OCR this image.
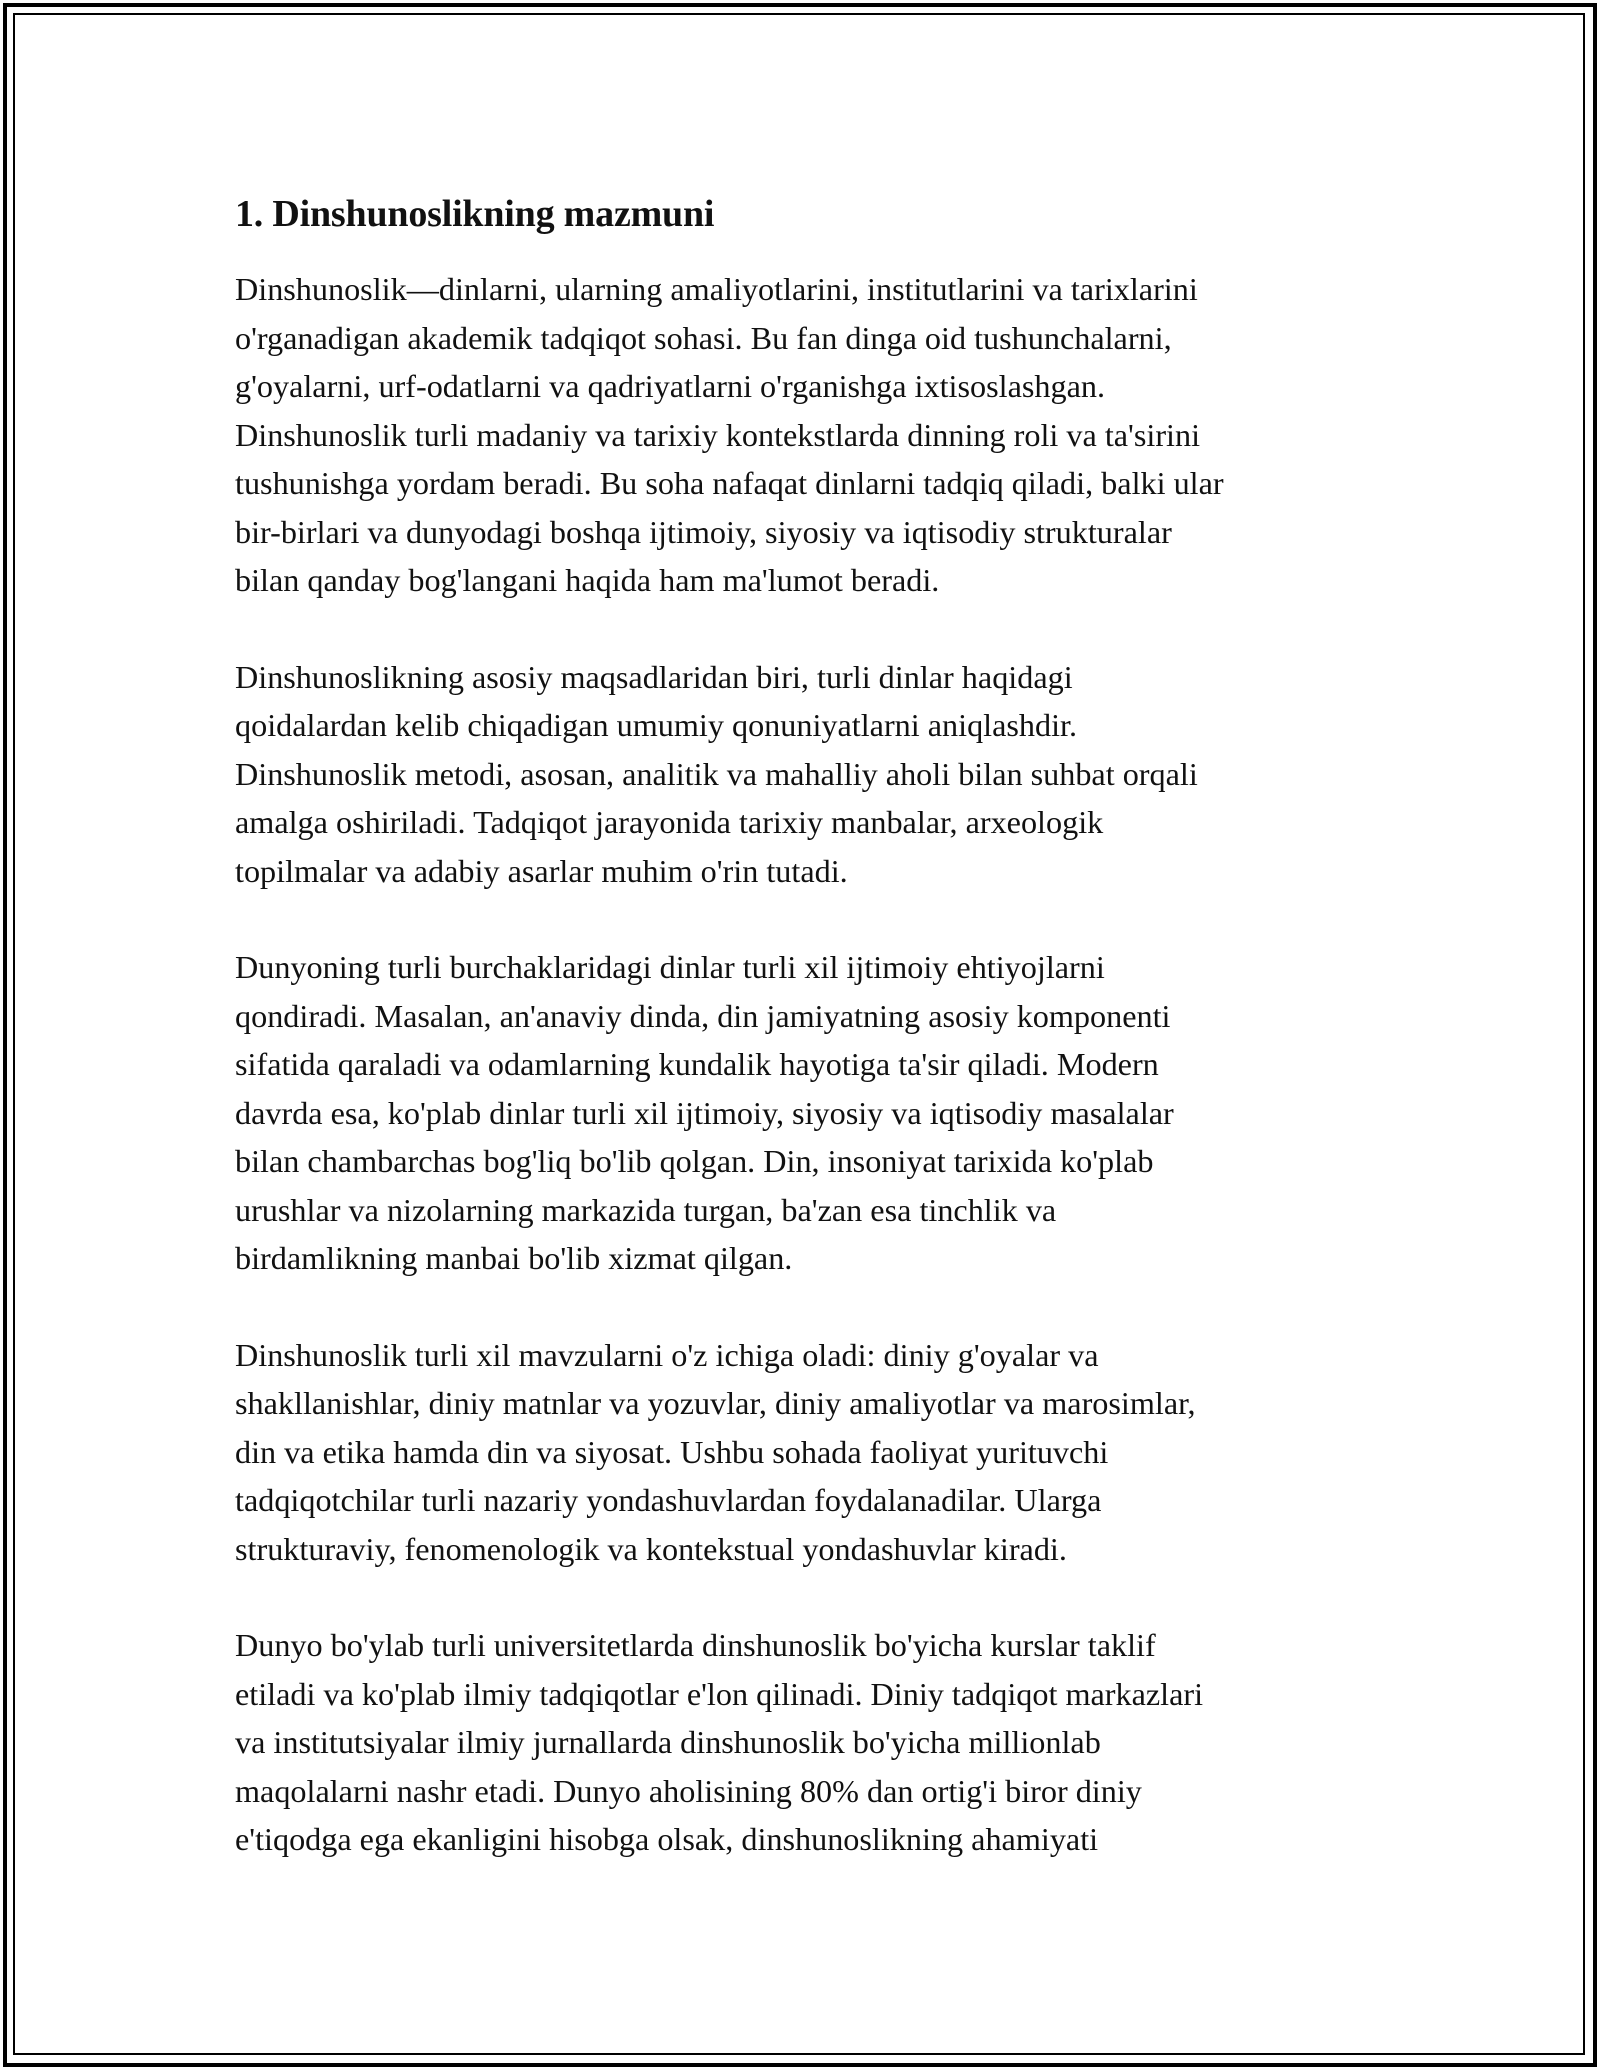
1. Dinshunoslikning mazmuni
Dinshunoslik—dinlarni, ularning amaliyotlarini, institutlarini va tarixlarini
o'rganadigan akademik tadqiqot sohasi. Bu fan dinga oid tushunchalarni,
g'oyalarni, urf-odatlarni va qadriyatlarni o'rganishga ixtisoslashgan.
Dinshunoslik turli madaniy va tarixiy kontekstlarda dinning roli va ta'sirini
tushunishga yordam beradi. Bu soha nafaqat dinlarni tadqiq qiladi, balki ular
bir-birlari va dunyodagi boshqa ijtimoiy, siyosiy va iqtisodiy strukturalar
bilan qanday bog'langani haqida ham ma'lumot beradi.
Dinshunoslikning asosiy maqsadlaridan biri, turli dinlar haqidagi
qoidalardan kelib chiqadigan umumiy qonuniyatlarni aniqlashdir.
Dinshunoslik metodi, asosan, analitik va mahalliy aholi bilan suhbat orqali
amalga oshiriladi. Tadqiqot jarayonida tarixiy manbalar, arxeologik
topilmalar va adabiy asarlar muhim o'rin tutadi.
Dunyoning turli burchaklaridagi dinlar turli xil ijtimoiy ehtiyojlarni
qondiradi. Masalan, an'anaviy dinda, din jamiyatning asosiy komponenti
sifatida qaraladi va odamlarning kundalik hayotiga ta'sir qiladi. Modern
davrda esa, ko'plab dinlar turli xil ijtimoiy, siyosiy va iqtisodiy masalalar
bilan chambarchas bog'liq bo'lib qolgan. Din, insoniyat tarixida ko'plab
urushlar va nizolarning markazida turgan, ba'zan esa tinchlik va
birdamlikning manbai bo'lib xizmat qilgan.
Dinshunoslik turli xil mavzularni o'z ichiga oladi: diniy g'oyalar va
shakllanishlar, diniy matnlar va yozuvlar, diniy amaliyotlar va marosimlar,
din va etika hamda din va siyosat. Ushbu sohada faoliyat yurituvchi
tadqiqotchilar turli nazariy yondashuvlardan foydalanadilar. Ularga
strukturaviy, fenomenologik va kontekstual yondashuvlar kiradi.
Dunyo bo'ylab turli universitetlarda dinshunoslik bo'yicha kurslar taklif
etiladi va ko'plab ilmiy tadqiqotlar e'lon qilinadi. Diniy tadqiqot markazlari
va institutsiyalar ilmiy jurnallarda dinshunoslik bo'yicha millionlab
maqolalarni nashr etadi. Dunyo aholisining 80% dan ortig'i biror diniy
e'tiqodga ega ekanligini hisobga olsak, dinshunoslikning ahamiyati
